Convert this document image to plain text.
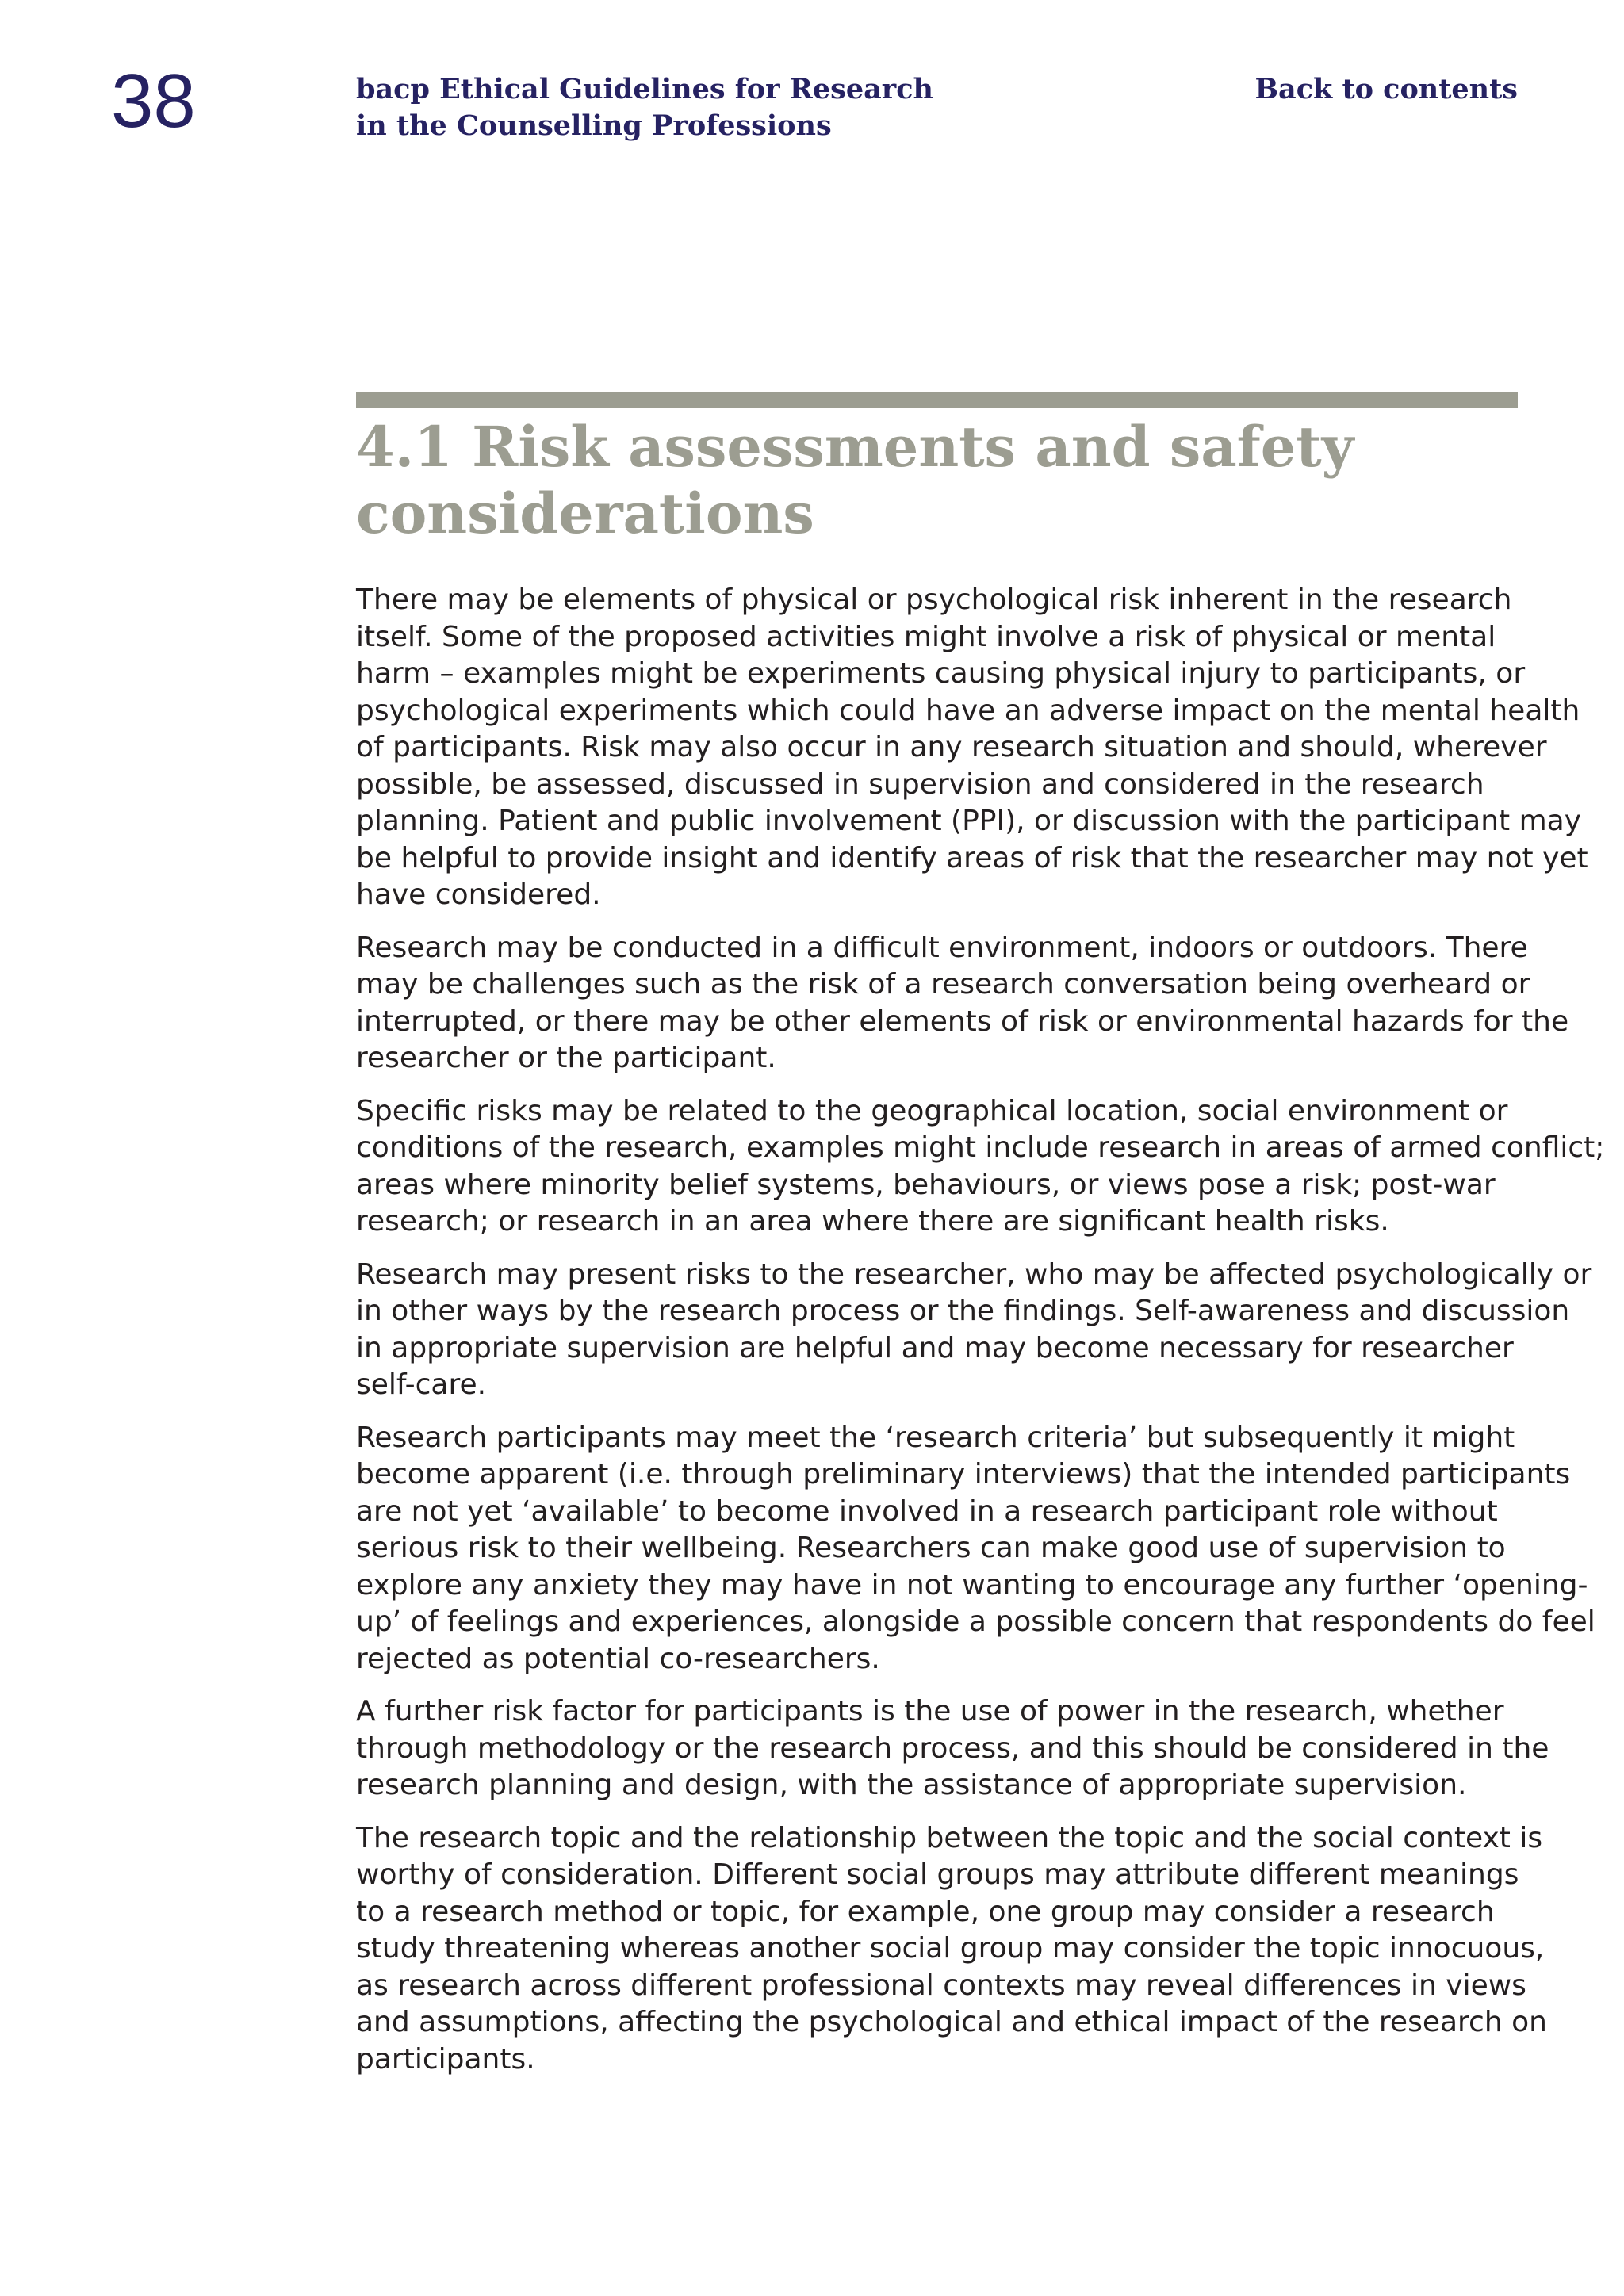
38	bacp Ethical Guidelines for Research
in the Counselling Professions
Back to contents
4.1 Risk assessments and safety
considerations

There may be elements of physical or psychological risk inherent in the research
itself. Some of the proposed activities might involve a risk of physical or mental
harm – examples might be experiments causing physical injury to participants, or
psychological experiments which could have an adverse impact on the mental health
of participants. Risk may also occur in any research situation and should, wherever
possible, be assessed, discussed in supervision and considered in the research
planning. Patient and public involvement (PPI), or discussion with the participant may
be helpful to provide insight and identify areas of risk that the researcher may not yet
have considered.

Research may be conducted in a difficult environment, indoors or outdoors. There
may be challenges such as the risk of a research conversation being overheard or
interrupted, or there may be other elements of risk or environmental hazards for the
researcher or the participant.

Specific risks may be related to the geographical location, social environment or
conditions of the research, examples might include research in areas of armed conflict;
areas where minority belief systems, behaviours, or views pose a risk; post-war
research; or research in an area where there are significant health risks.

Research may present risks to the researcher, who may be affected psychologically or
in other ways by the research process or the findings. Self-awareness and discussion
in appropriate supervision are helpful and may become necessary for researcher
self-care.

Research participants may meet the ‘research criteria’ but subsequently it might
become apparent (i.e. through preliminary interviews) that the intended participants
are not yet ‘available’ to become involved in a research participant role without
serious risk to their wellbeing. Researchers can make good use of supervision to
explore any anxiety they may have in not wanting to encourage any further ‘opening-
up’ of feelings and experiences, alongside a possible concern that respondents do feel
rejected as potential co-researchers.

A further risk factor for participants is the use of power in the research, whether
through methodology or the research process, and this should be considered in the
research planning and design, with the assistance of appropriate supervision.

The research topic and the relationship between the topic and the social context is
worthy of consideration. Different social groups may attribute different meanings
to a research method or topic, for example, one group may consider a research
study threatening whereas another social group may consider the topic innocuous,
as research across different professional contexts may reveal differences in views
and assumptions, affecting the psychological and ethical impact of the research on
participants.
